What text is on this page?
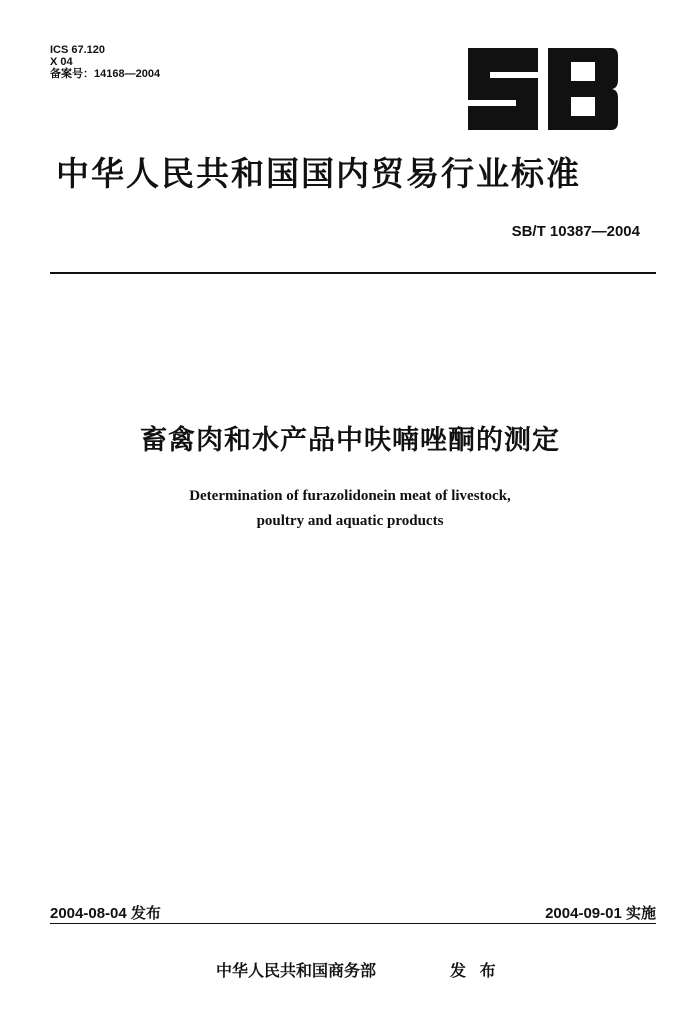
ICS 67.120
X 04
备案号：14168—2004
中华人民共和国国内贸易行业标准
SB/T 10387—2004
畜禽肉和水产品中呋喃唑酮的测定
Determination of furazolidonein meat of livestock,
poultry and aquatic products
2004-08-04 发布	2004-09-01 实施
中华人民共和国商务部	发 布
